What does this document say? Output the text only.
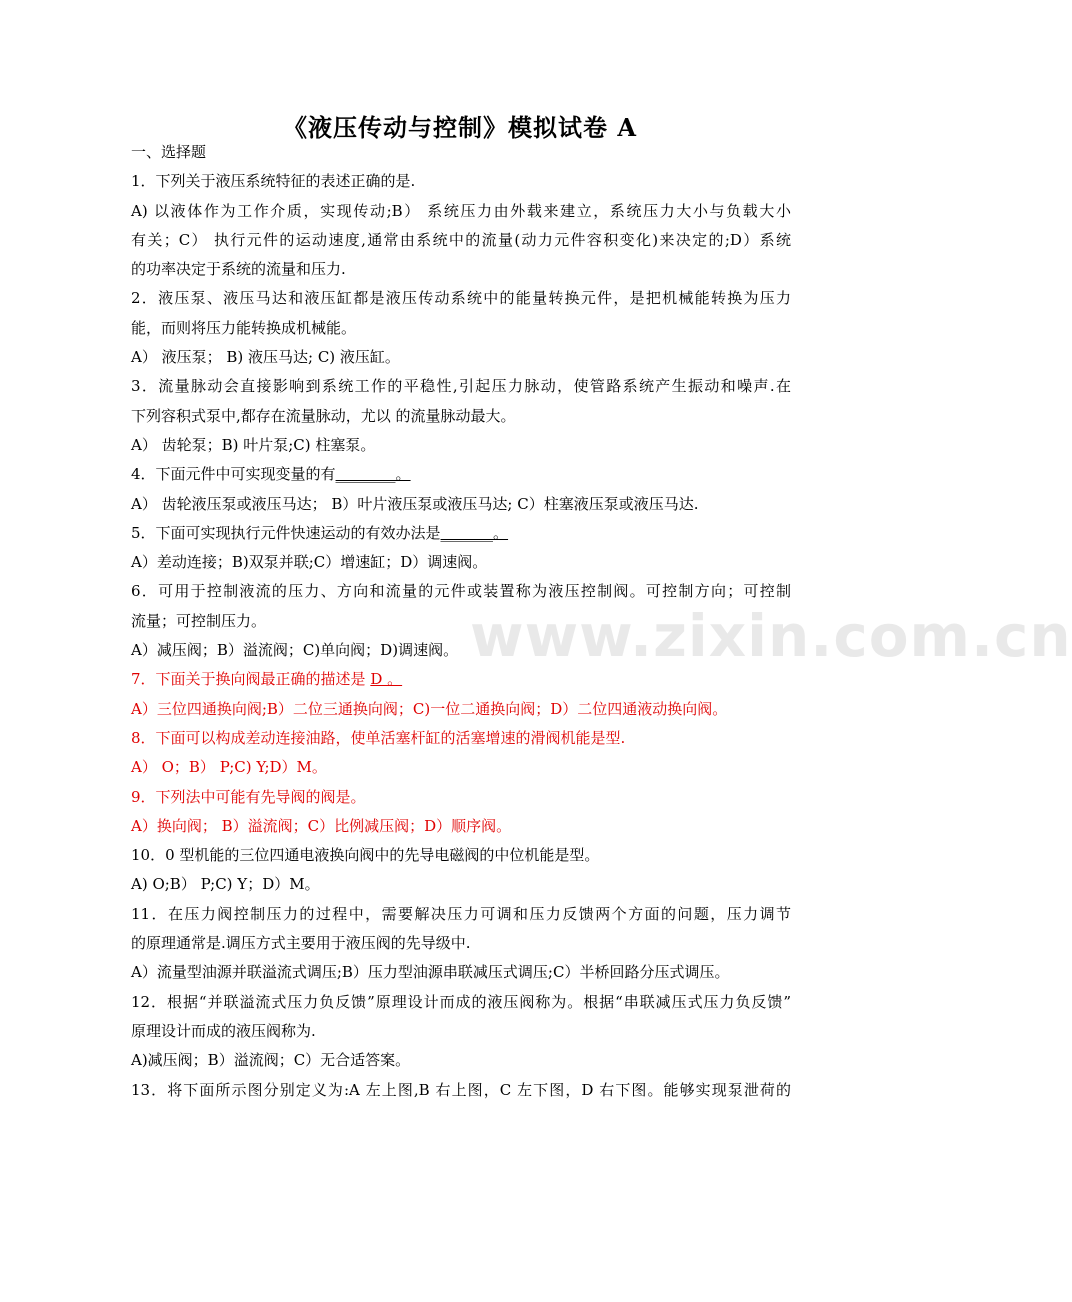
www.zixin.com.cn
《液压传动与控制》模拟试卷 A
一、选择题
1．下列关于液压系统特征的表述正确的是.
A) 以液体作为工作介质，实现传动;B） 系统压力由外载来建立，系统压力大小与负载大小
有关；C） 执行元件的运动速度,通常由系统中的流量(动力元件容积变化)来决定的;D）系统
的功率决定于系统的流量和压力.
2．液压泵、液压马达和液压缸都是液压传动系统中的能量转换元件，是把机械能转换为压力
能，而则将压力能转换成机械能。
A） 液压泵； B) 液压马达; C) 液压缸。
3．流量脉动会直接影响到系统工作的平稳性,引起压力脉动，使管路系统产生振动和噪声.在
下列容积式泵中,都存在流量脉动，尤以 的流量脉动最大。
A） 齿轮泵；B) 叶片泵;C) 柱塞泵。
4．下面元件中可实现变量的有________。
A） 齿轮液压泵或液压马达； B）叶片液压泵或液压马达; C）柱塞液压泵或液压马达.
5．下面可实现执行元件快速运动的有效办法是_______。
A）差动连接；B)双泵并联;C）增速缸；D）调速阀。
6．可用于控制液流的压力、方向和流量的元件或装置称为液压控制阀。可控制方向；可控制
流量；可控制压力。
A）减压阀；B）溢流阀；C)单向阀；D)调速阀。
7．下面关于换向阀最正确的描述是 D 。
A）三位四通换向阀;B）二位三通换向阀；C)一位二通换向阀；D）二位四通液动换向阀。
8．下面可以构成差动连接油路，使单活塞杆缸的活塞增速的滑阀机能是型.
A） O；B） P;C) Y;D）M。
9．下列法中可能有先导阀的阀是。
A）换向阀； B）溢流阀；C）比例减压阀；D）顺序阀。
10．0 型机能的三位四通电液换向阀中的先导电磁阀的中位机能是型。
A) O;B） P;C) Y；D）M。
11．在压力阀控制压力的过程中，需要解决压力可调和压力反馈两个方面的问题，压力调节
的原理通常是.调压方式主要用于液压阀的先导级中.
A）流量型油源并联溢流式调压;B）压力型油源串联减压式调压;C）半桥回路分压式调压。
12．根据“并联溢流式压力负反馈”原理设计而成的液压阀称为。根据“串联减压式压力负反馈”
原理设计而成的液压阀称为.
A)减压阀；B）溢流阀；C）无合适答案。
13．将下面所示图分别定义为:A 左上图,B 右上图，C 左下图，D 右下图。能够实现泵泄荷的
